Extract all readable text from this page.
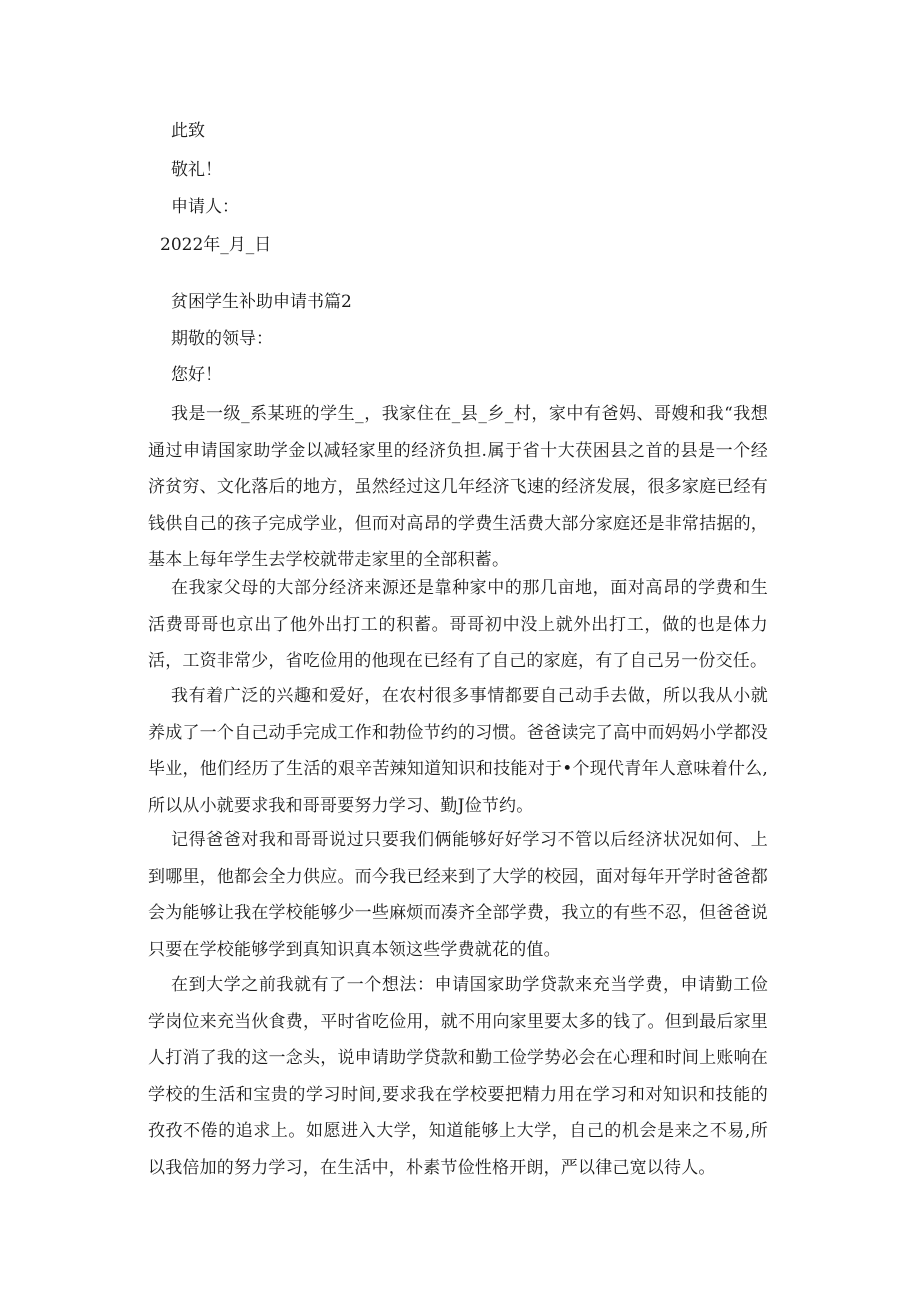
此致

敬礼！

申请人：

2022年_月_日

贫困学生补助申请书篇2

期敬的领导：

您好！

我是一级_系某班的学生_，我家住在_县_乡_村，家中有爸妈、哥嫂和我“我想通过申请国家助学金以减轻家里的经济负担.属于省十大茯困县之首的县是一个经济贫穷、文化落后的地方，虽然经过这几年经济飞速的经济发展，很多家庭已经有钱供自己的孩子完成学业，但而对高昂的学费生活费大部分家庭还是非常拮据的，基本上每年学生去学校就带走家里的全部积蓄。

在我家父母的大部分经济来源还是靠种家中的那几亩地，面对高昂的学费和生活费哥哥也京出了他外出打工的积蓄。哥哥初中没上就外出打工，做的也是体力活，工资非常少，省吃俭用的他现在已经有了自己的家庭，有了自己另一份交任。

我有着广泛的兴趣和爱好，在农村很多事情都要自己动手去做，所以我从小就养成了一个自己动手完成工作和勃俭节约的习惯。爸爸读完了高中而妈妈小学都没毕业，他们经历了生活的艰辛苦辣知道知识和技能对于•个现代青年人意味着什么,所以从小就要求我和哥哥要努力学习、勤J俭节约。

记得爸爸对我和哥哥说过只要我们俩能够好好学习不管以后经济状况如何、上到哪里，他都会全力供应。而今我已经来到了大学的校园，面对每年开学时爸爸都会为能够让我在学校能够少一些麻烦而凑齐全部学费，我立的有些不忍，但爸爸说只要在学校能够学到真知识真本领这些学费就花的值。

在到大学之前我就有了一个想法：申请国家助学贷款来充当学费，申请勤工俭学岗位来充当伙食费，平时省吃俭用，就不用向家里要太多的钱了。但到最后家里人打消了我的这一念头，说申请助学贷款和勤工俭学势必会在心理和时间上账响在学校的生活和宝贵的学习时间,要求我在学校要把精力用在学习和对知识和技能的孜孜不倦的追求上。如愿进入大学，知道能够上大学，自己的机会是来之不易,所以我倍加的努力学习，在生活中，朴素节俭性格开朗，严以律己宽以待人。
